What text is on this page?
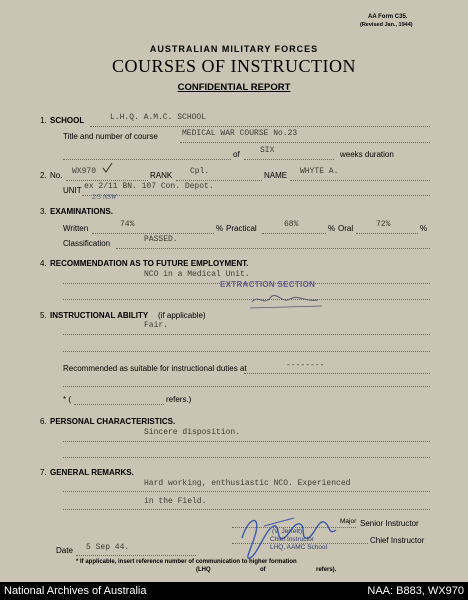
AA Form C35.
(Revised Jan., 1944)
AUSTRALIAN MILITARY FORCES
COURSES OF INSTRUCTION
CONFIDENTIAL REPORT
1. SCHOOL	L.H.Q. A.M.C. SCHOOL
Title and number of course	MEDICAL WAR COURSE No.23
of	SIX	weeks duration
2. No. WX970	RANK Cpl.	NAME WHYTE A.
UNIT ex 2/11 BN. 107 Con. Depot.
2/5 NSW
3. EXAMINATIONS.
Written	74%	% Practical	68%	% Oral	72%	%
Classification	PASSED.
4. RECOMMENDATION AS TO FUTURE EMPLOYMENT.
NCO in a Medical Unit.
EXTRACTION SECTION
5. INSTRUCTIONAL ABILITY (if applicable)
Fair.
Recommended as suitable for instructional duties at	--------
* (	refers.)
6. PERSONAL CHARACTERISTICS.
Sincere disposition.
7. GENERAL REMARKS.
Hard working, enthusiastic NCO. Experienced
in the Field.
Major Senior Instructor
(V. Jerrett)
Chief Instructor
LHQ, AAMC School
Chief Instructor
Date 5 Sep 44.
* If applicable, insert reference number of communication to higher formation
(LHQ	of	refers).
National Archives of Australia	NAA: B883, WX970
